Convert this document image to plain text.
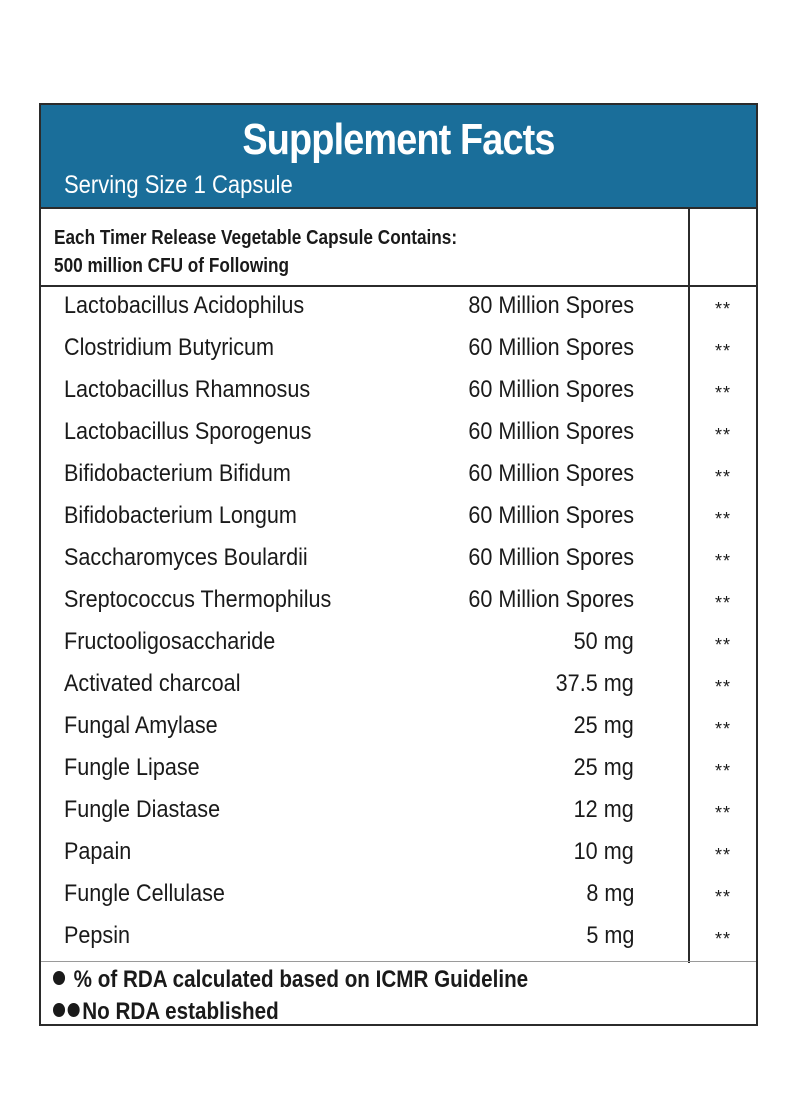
Supplement Facts
Serving Size 1 Capsule
Each Timer Release Vegetable Capsule Contains:
500 million CFU of Following
Lactobacillus Acidophilus	80 Million Spores	**
Clostridium Butyricum	60 Million Spores	**
Lactobacillus Rhamnosus	60 Million Spores	**
Lactobacillus Sporogenus	60 Million Spores	**
Bifidobacterium Bifidum	60 Million Spores	**
Bifidobacterium Longum	60 Million Spores	**
Saccharomyces Boulardii	60 Million Spores	**
Sreptococcus Thermophilus	60 Million Spores	**
Fructooligosaccharide	50 mg	**
Activated charcoal	37.5 mg	**
Fungal Amylase	25 mg	**
Fungle Lipase	25 mg	**
Fungle Diastase	12 mg	**
Papain	10 mg	**
Fungle Cellulase	8 mg	**
Pepsin	5 mg	**
% of RDA calculated based on ICMR Guideline
No RDA established
